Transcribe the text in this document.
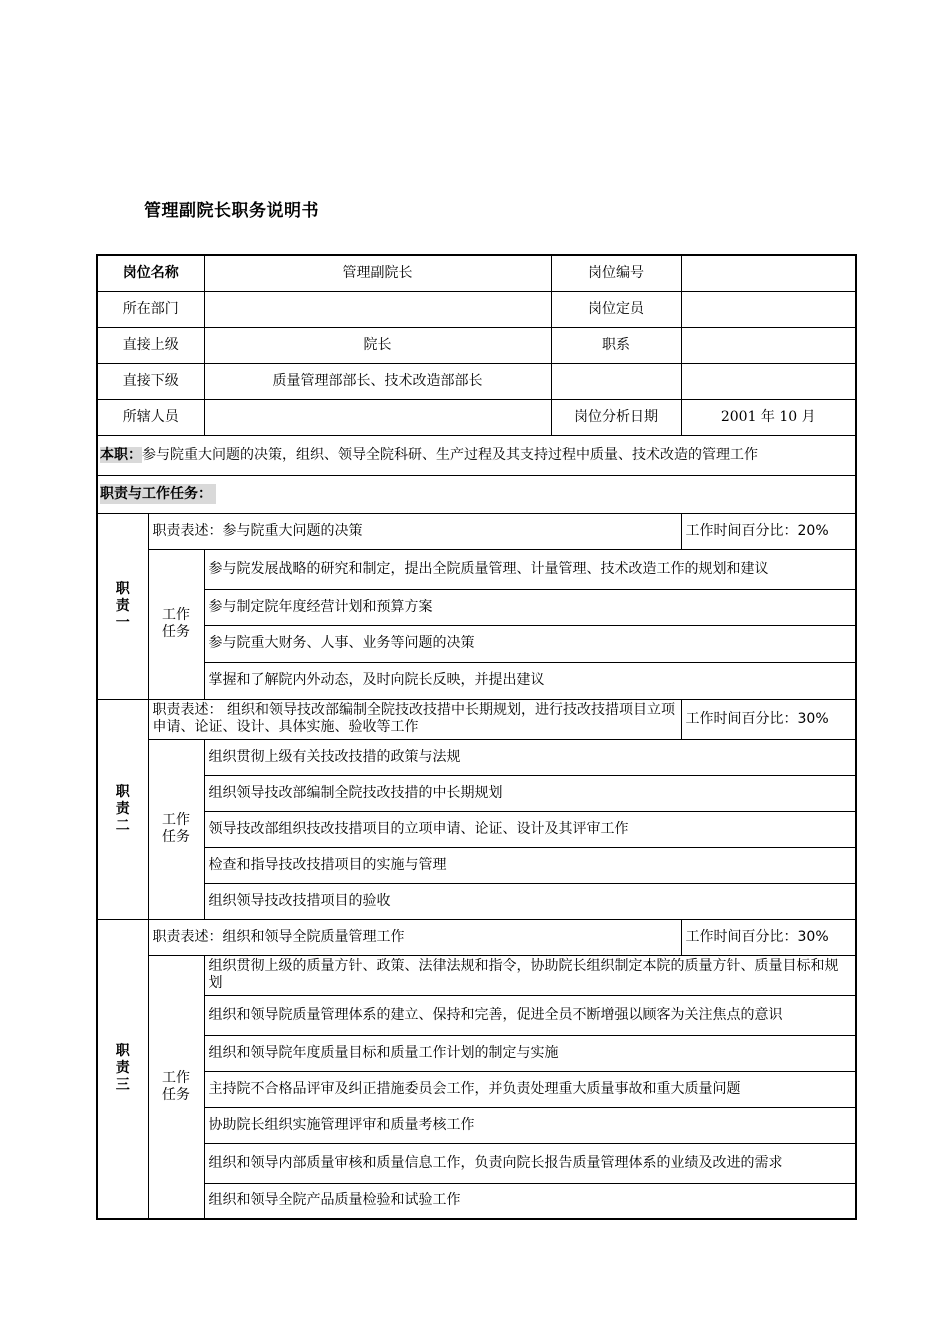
管理副院长职务说明书
岗位名称		管理副院长	岗位编号	
所在部门			岗位定员	
直接上级		院长	职系	
直接下级		质量管理部部长、技术改造部部长		
所辖人员			岗位分析日期	2001 年 10 月
本职：参与院重大问题的决策，组织、领导全院科研、生产过程及其支持过程中质量、技术改造的管理工作				
职责与工作任务：				
职
责
一	职责表述：参与院重大问题的决策			工作时间百分比：20%
	工作
任务	参与院发展战略的研究和制定，提出全院质量管理、计量管理、技术改造工作的规划和建议		
		参与制定院年度经营计划和预算方案		
		参与院重大财务、人事、业务等问题的决策		
		掌握和了解院内外动态，及时向院长反映，并提出建议		
职
责
二	职责表述： 组织和领导技改部编制全院技改技措中长期规划，进行技改技措项目立项申请、论证、设计、具体实施、验收等工作			工作时间百分比：30%
	工作
任务	组织贯彻上级有关技改技措的政策与法规		
		组织领导技改部编制全院技改技措的中长期规划		
		领导技改部组织技改技措项目的立项申请、论证、设计及其评审工作		
		检查和指导技改技措项目的实施与管理		
		组织领导技改技措项目的验收		
职
责
三	职责表述：组织和领导全院质量管理工作			工作时间百分比：30%
	工作
任务	组织贯彻上级的质量方针、政策、法律法规和指令，协助院长组织制定本院的质量方针、质量目标和规划		
		组织和领导院质量管理体系的建立、保持和完善，促进全员不断增强以顾客为关注焦点的意识		
		组织和领导院年度质量目标和质量工作计划的制定与实施		
		主持院不合格品评审及纠正措施委员会工作，并负责处理重大质量事故和重大质量问题		
		协助院长组织实施管理评审和质量考核工作		
		组织和领导内部质量审核和质量信息工作，负责向院长报告质量管理体系的业绩及改进的需求		
		组织和领导全院产品质量检验和试验工作		
